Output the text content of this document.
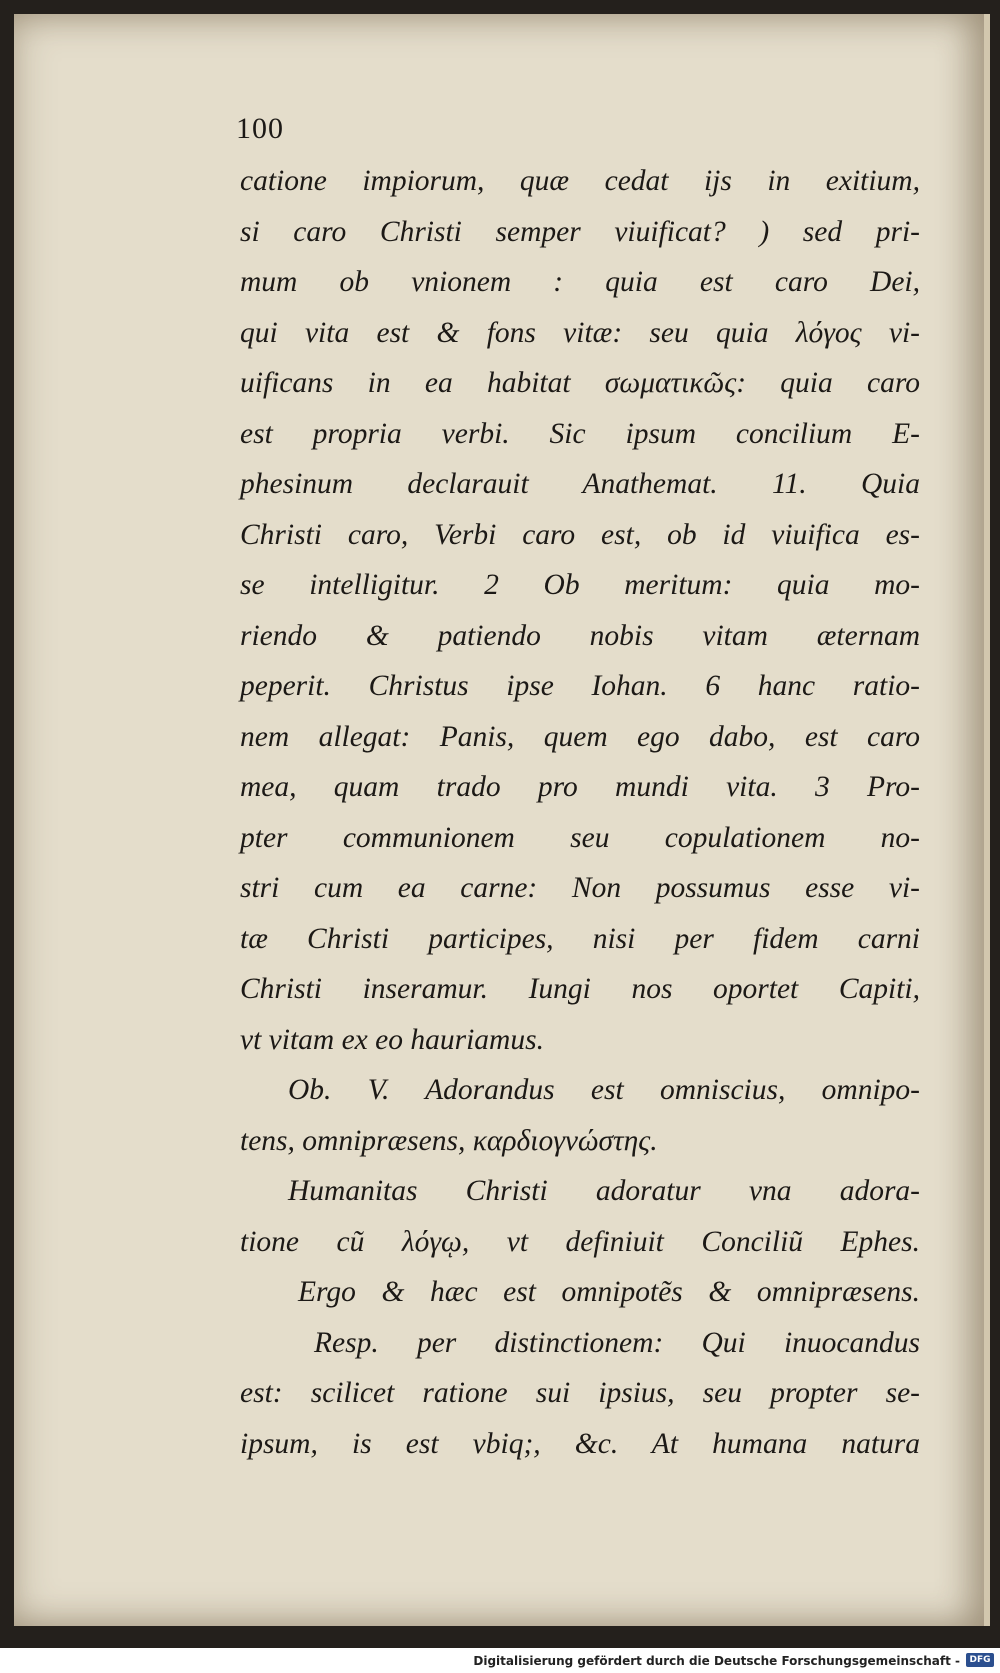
100
catione impiorum, quæ cedat ijs in exitium,
si caro Christi semper viuificat? ) sed pri-
mum ob vnionem : quia est caro Dei,
qui vita est & fons vitæ: seu quia λόγος vi-
uificans in ea habitat σωματικῶς: quia caro
est propria verbi. Sic ipsum concilium E-
phesinum declarauit Anathemat. 11. Quia
Christi caro, Verbi caro est, ob id viuifica es-
se intelligitur. 2 Ob meritum: quia mo-
riendo & patiendo nobis vitam æternam
peperit. Christus ipse Iohan. 6 hanc ratio-
nem allegat: Panis, quem ego dabo, est caro
mea, quam trado pro mundi vita. 3 Pro-
pter communionem seu copulationem no-
stri cum ea carne: Non possumus esse vi-
tæ Christi participes, nisi per fidem carni
Christi inseramur. Iungi nos oportet Capiti,
vt vitam ex eo hauriamus.
Ob. V. Adorandus est omniscius, omnipo-
tens, omnipræsens, καρδιογνώστης.
Humanitas Christi adoratur vna adora-
tione cũ λόγῳ, vt definiuit Conciliũ Ephes.
Ergo & hæc est omnipotẽs & omnipræsens.
Resp. per distinctionem: Qui inuocandus
est: scilicet ratione sui ipsius, seu propter se-
ipsum, is est vbiq;, &c. At humana natura
Digitalisierung gefördert durch die Deutsche Forschungsgemeinschaft -	DFG
